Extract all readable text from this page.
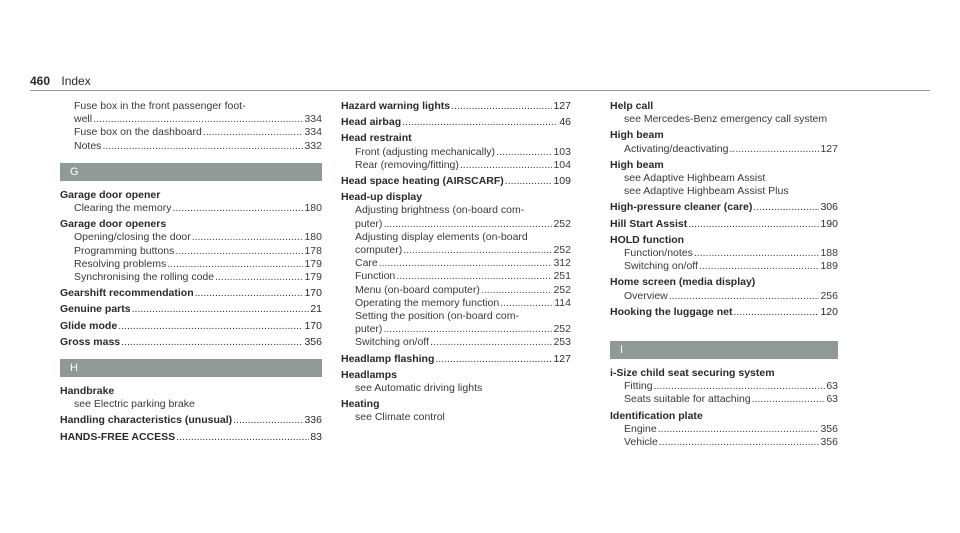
460 Index
Fuse box in the front passenger foot-
well .....	334
Fuse box on the dashboard .....	334
Notes .....	332
G
Garage door opener
Clearing the memory .....	180
Garage door openers
Opening/closing the door .....	180
Programming buttons .....	178
Resolving problems .....	179
Synchronising the rolling code .....	179
Gearshift recommendation .....	170
Genuine parts .....	21
Glide mode .....	170
Gross mass .....	356
H
Handbrake
see Electric parking brake
Handling characteristics (unusual) .....	336
HANDS-FREE ACCESS .....	83
Hazard warning lights .....	127
Head airbag .....	46
Head restraint
Front (adjusting mechanically) .....	103
Rear (removing/fitting) .....	104
Head space heating (AIRSCARF) .....	109
Head-up display
Adjusting brightness (on-board com-
puter) .....	252
Adjusting display elements (on-board
computer) .....	252
Care .....	312
Function .....	251
Menu (on-board computer) .....	252
Operating the memory function .....	114
Setting the position (on-board com-
puter) .....	252
Switching on/off .....	253
Headlamp flashing .....	127
Headlamps
see Automatic driving lights
Heating
see Climate control
Help call
see Mercedes-Benz emergency call system
High beam
Activating/deactivating .....	127
High beam
see Adaptive Highbeam Assist
see Adaptive Highbeam Assist Plus
High-pressure cleaner (care) .....	306
Hill Start Assist .....	190
HOLD function
Function/notes .....	188
Switching on/off .....	189
Home screen (media display)
Overview .....	256
Hooking the luggage net .....	120
I
i-Size child seat securing system
Fitting .....	63
Seats suitable for attaching .....	63
Identification plate
Engine .....	356
Vehicle .....	356
